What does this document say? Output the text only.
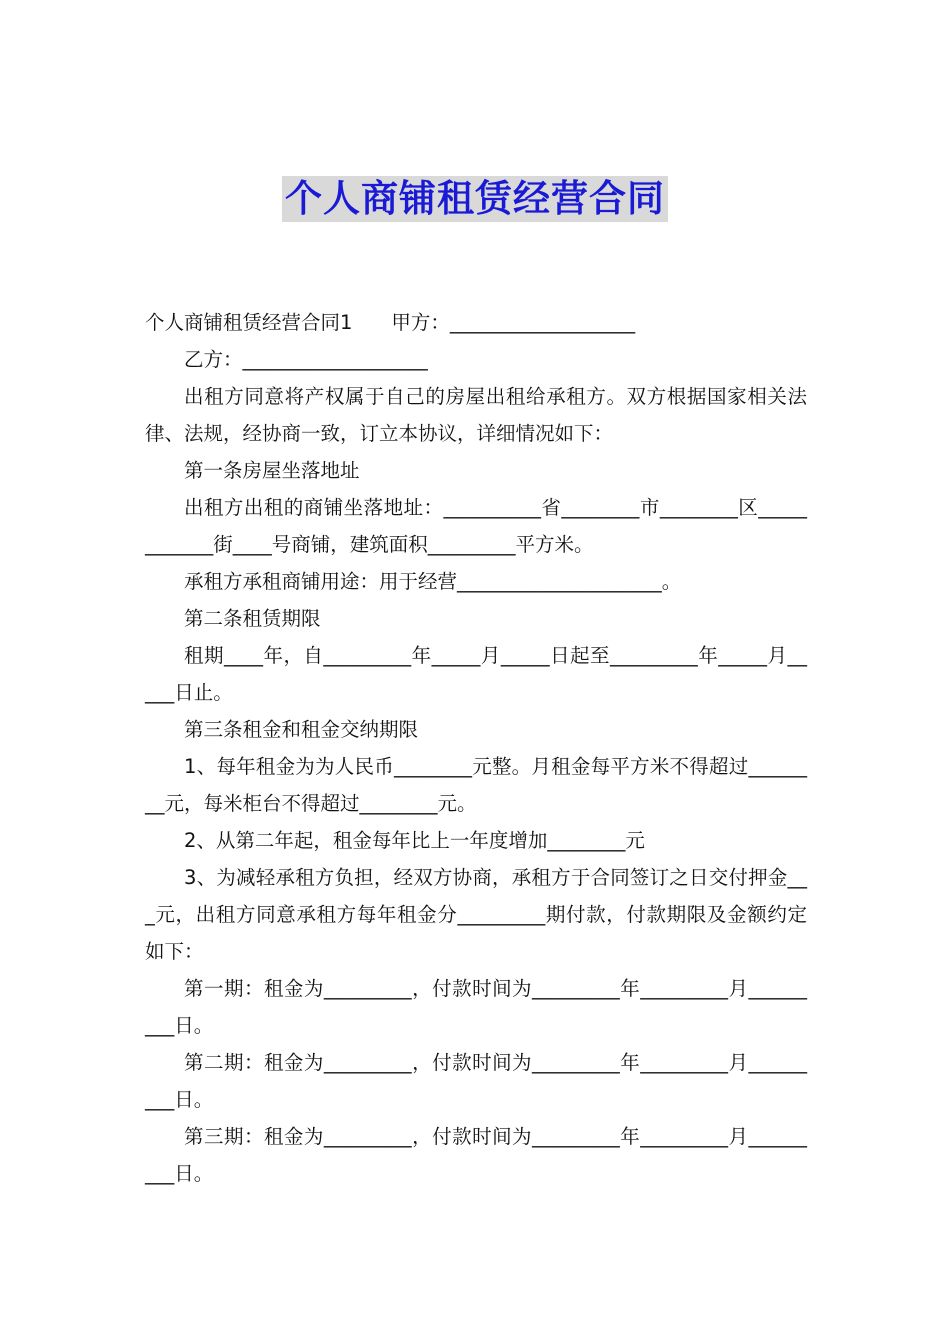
个人商铺租赁经营合同

个人商铺租赁经营合同1　　甲方：___________________

乙方：___________________

出租方同意将产权属于自己的房屋出租给承租方。双方根据国家相关法律、法规，经协商一致，订立本协议，详细情况如下：

第一条房屋坐落地址

出租方出租的商铺坐落地址：__________省________市________区____________街____号商铺，建筑面积_________平方米。

承租方承租商铺用途：用于经营_____________________。

第二条租赁期限

租期____年，自_________年_____月_____日起至_________年_____月_____日止。

第三条租金和租金交纳期限

1、每年租金为为人民币________元整。月租金每平方米不得超过________元，每米柜台不得超过________元。

2、从第二年起，租金每年比上一年度增加________元

3、为减轻承租方负担，经双方协商，承租方于合同签订之日交付押金___元，出租方同意承租方每年租金分_________期付款，付款期限及金额约定如下：

第一期：租金为_________，付款时间为_________年_________月_________日。

第二期：租金为_________，付款时间为_________年_________月_________日。

第三期：租金为_________，付款时间为_________年_________月_________日。
